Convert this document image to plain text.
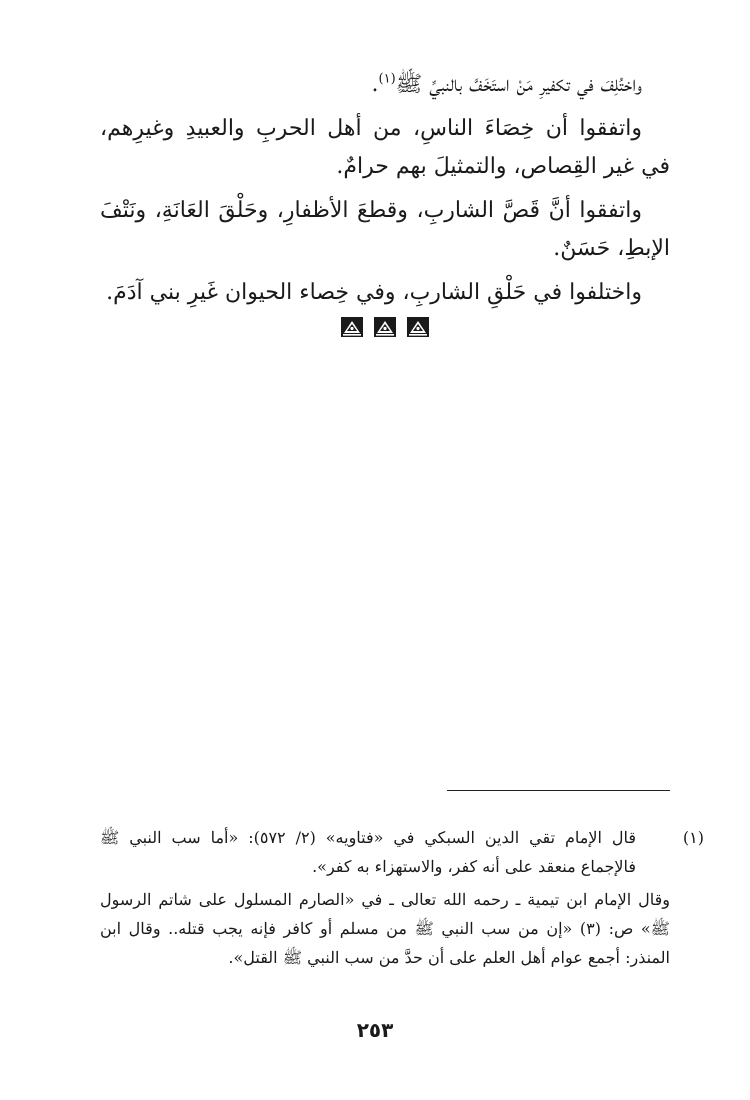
واختُلِفَ في تكفيرِ مَنْ استَخَفَّ بالنبيِّ ﷺ$^{(١)}$.

واتفقوا أن خِصَاءَ الناسِ، من أهل الحربِ والعبيدِ وغيرِهم، في غير القِصاص، والتمثيلَ بهم حرامٌ.

واتفقوا أنَّ قَصَّ الشاربِ، وقطعَ الأظفارِ، وحَلْقَ العَانَةِ، ونَتْفَ الإبطِ، حَسَنٌ.

واختلفوا في حَلْقِ الشاربِ، وفي خِصاء الحيوان غَيرِ بني آدَمَ.

(١)قال الإمام تقي الدين السبكي في «فتاويه» (٢/ ٥٧٢): «أما سب النبي ﷺ فالإجماع منعقد على أنه كفر، والاستهزاء به كفر».

وقال الإمام ابن تيمية ـ رحمه الله تعالى ـ في «الصارم المسلول على شاتم الرسول ﷺ» ص: (٣) «إن من سب النبي ﷺ من مسلم أو كافر فإنه يجب قتله.. وقال ابن المنذر: أجمع عوام أهل العلم على أن حدَّ من سب النبي ﷺ القتل».

٢٥٣
